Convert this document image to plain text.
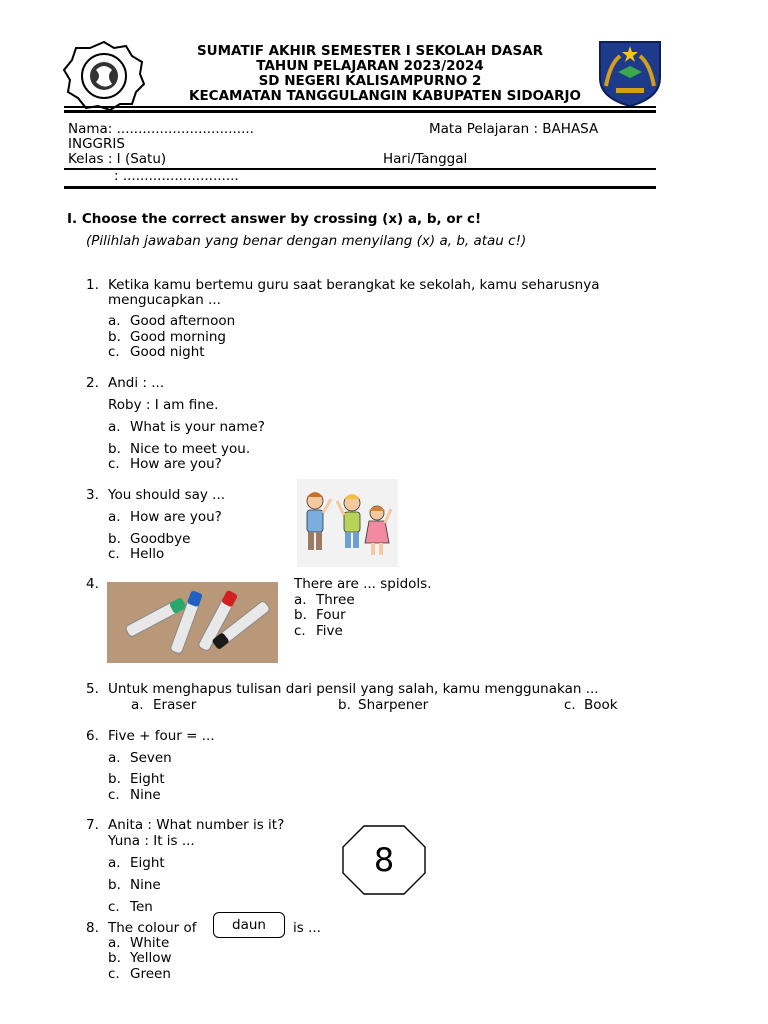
SUMATIF AKHIR SEMESTER I SEKOLAH DASAR
TAHUN PELAJARAN 2023/2024
SD NEGERI KALISAMPURNO 2
KECAMATAN TANGGULANGIN KABUPATEN SIDOARJO
Nama: ................................	Mata Pelajaran : BAHASA
INGGRIS
Kelas : I (Satu)	Hari/Tanggal
: ...........................
I. Choose the correct answer by crossing (x) a, b, or c!
(Pilihlah jawaban yang benar dengan menyilang (x) a, b, atau c!)
1. Ketika kamu bertemu guru saat berangkat ke sekolah, kamu seharusnya
mengucapkan ...
a. Good afternoon
b. Good morning
c. Good night
2. Andi : ...
Roby : I am fine.
a. What is your name?
b. Nice to meet you.
c. How are you?
3. You should say ...
a. How are you?
b. Goodbye
c. Hello
4.	There are ... spidols.
a. Three
b. Four
c. Five
5. Untuk menghapus tulisan dari pensil yang salah, kamu menggunakan ...
a. Eraser	b. Sharpener	c. Book
6. Five + four = ...
a. Seven
b. Eight
c. Nine
7. Anita : What number is it?
Yuna : It is ...
a. Eight
b. Nine
c. Ten
8
8. The colour of	daun	is ...
a. White
b. Yellow
c. Green
